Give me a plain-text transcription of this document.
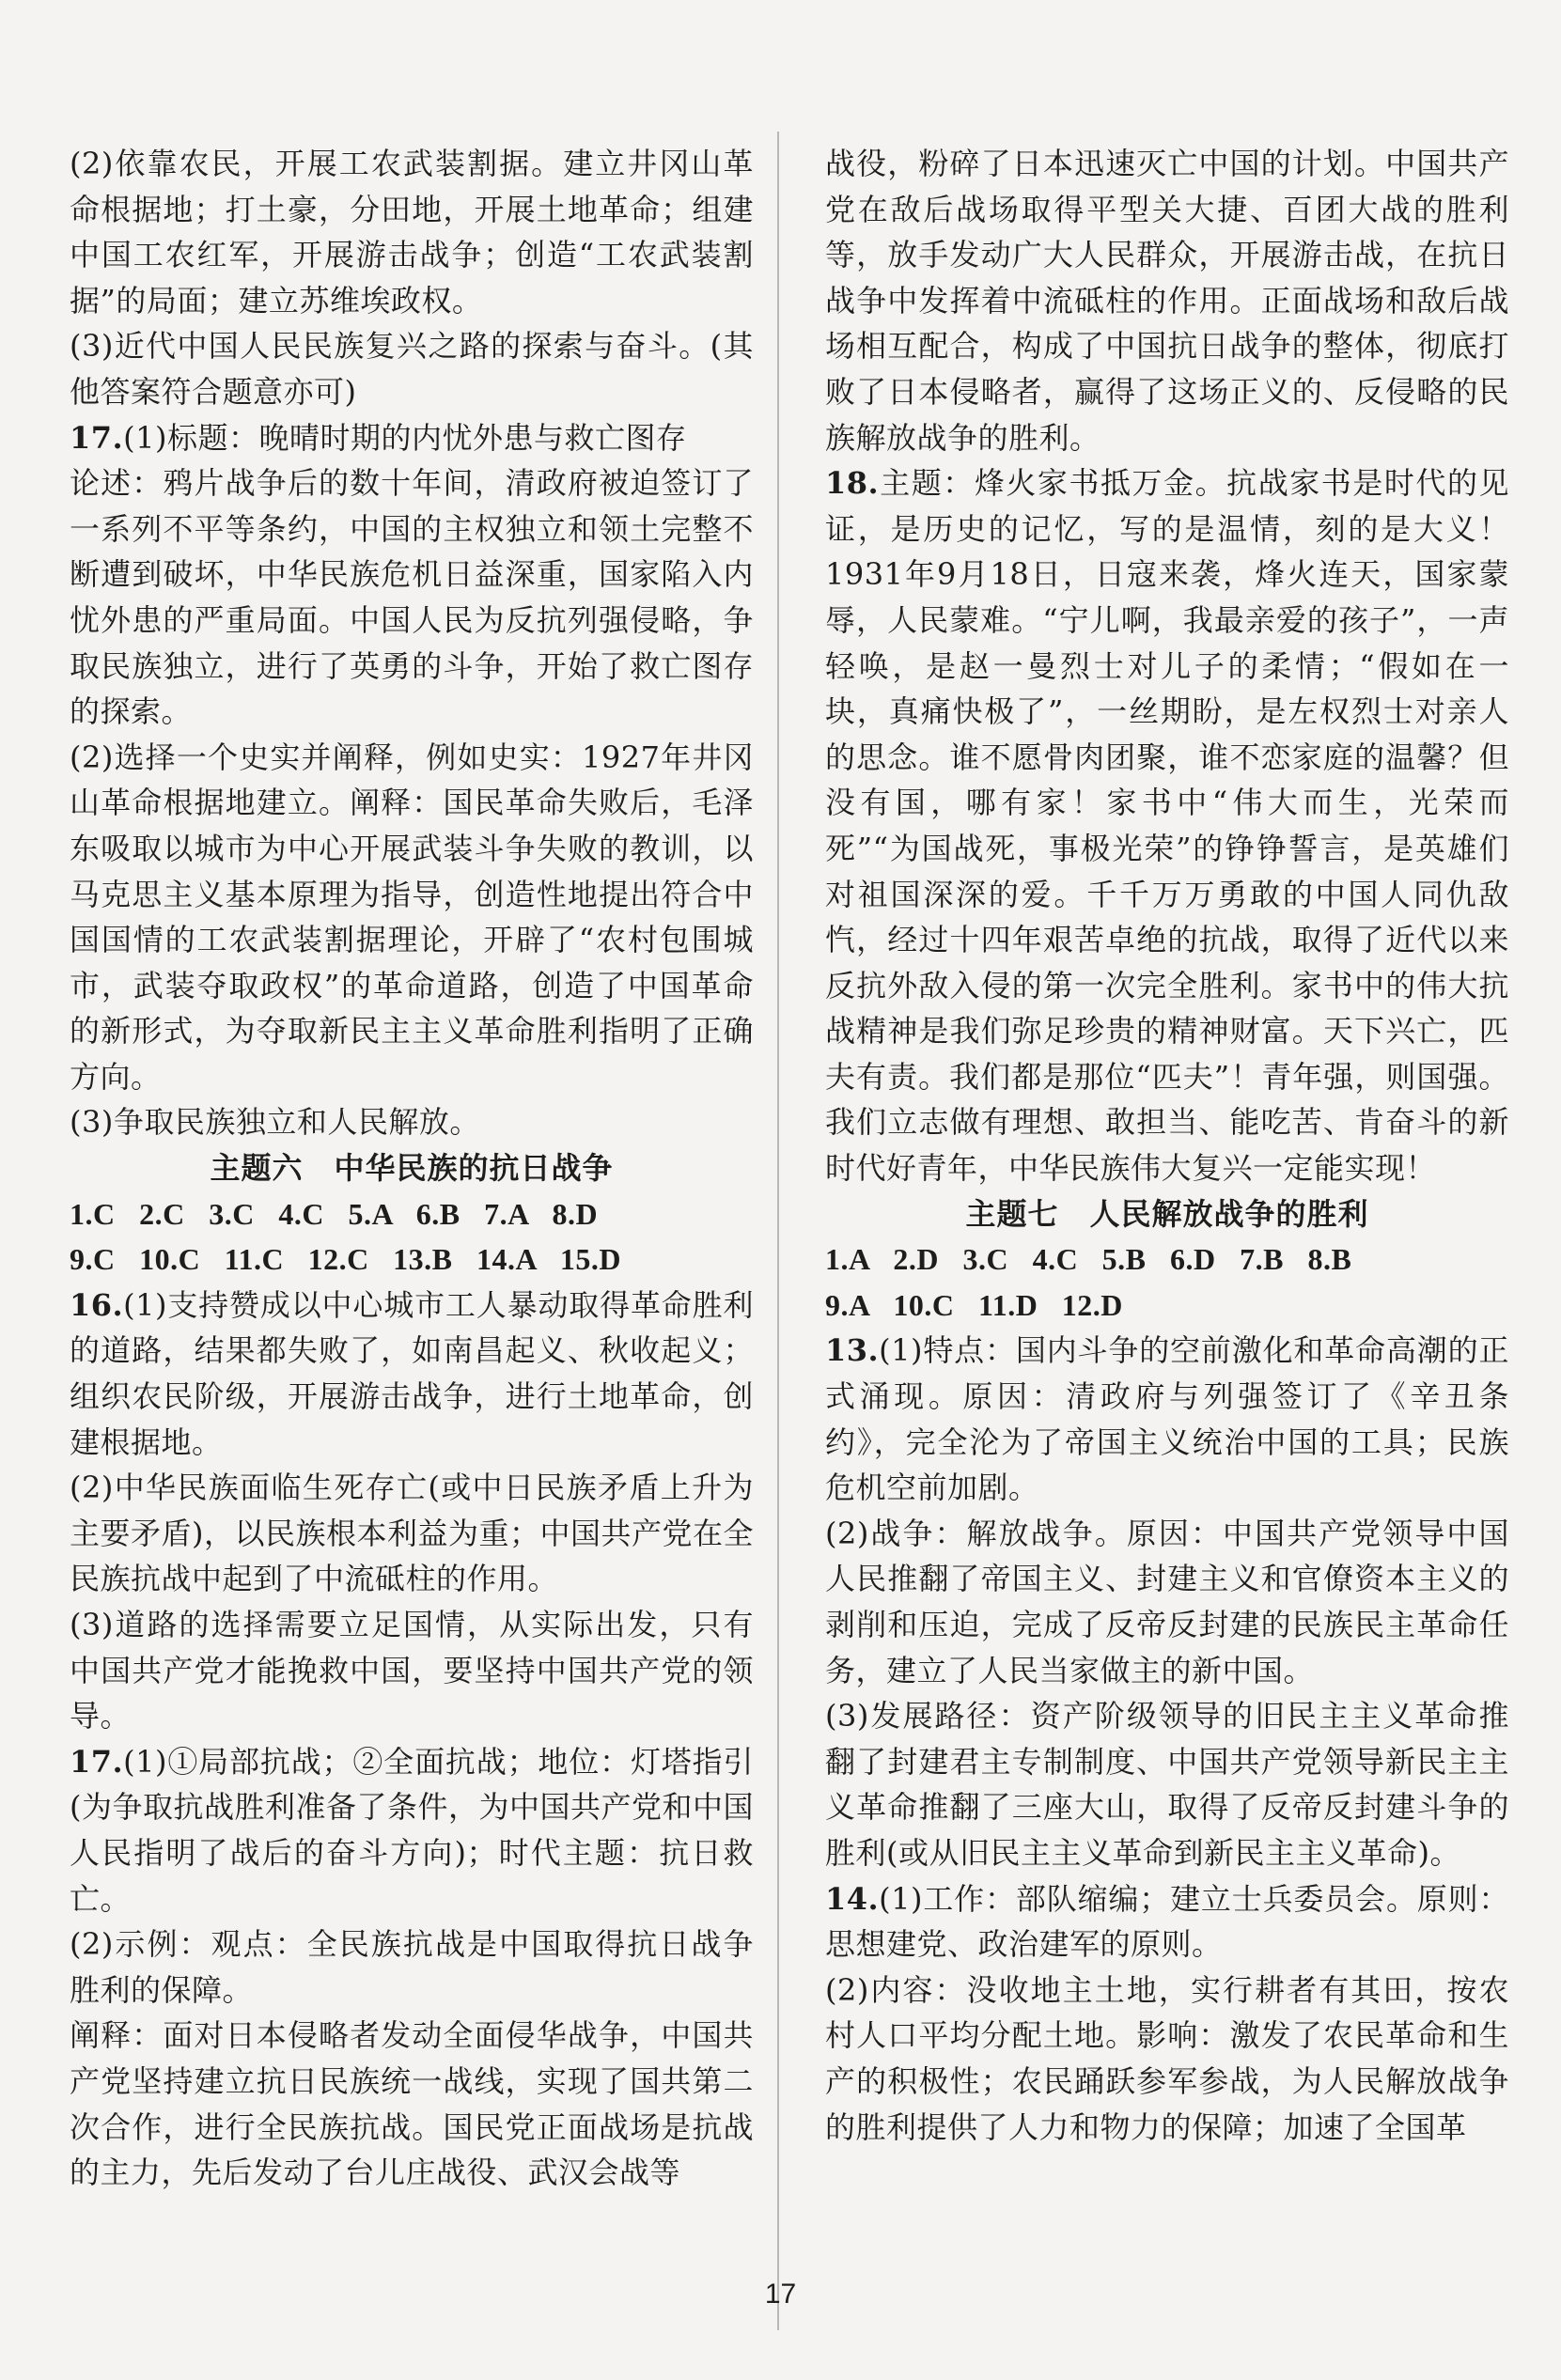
(2)依靠农民，开展工农武装割据。建立井冈山革命根据地；打土豪，分田地，开展土地革命；组建中国工农红军，开展游击战争；创造“工农武装割据”的局面；建立苏维埃政权。

(3)近代中国人民民族复兴之路的探索与奋斗。(其他答案符合题意亦可)

17.(1)标题：晚晴时期的内忧外患与救亡图存

论述：鸦片战争后的数十年间，清政府被迫签订了一系列不平等条约，中国的主权独立和领土完整不断遭到破坏，中华民族危机日益深重，国家陷入内忧外患的严重局面。中国人民为反抗列强侵略，争取民族独立，进行了英勇的斗争，开始了救亡图存的探索。

(2)选择一个史实并阐释，例如史实：1927年井冈山革命根据地建立。阐释：国民革命失败后，毛泽东吸取以城市为中心开展武装斗争失败的教训，以马克思主义基本原理为指导，创造性地提出符合中国国情的工农武装割据理论，开辟了“农村包围城市，武装夺取政权”的革命道路，创造了中国革命的新形式，为夺取新民主主义革命胜利指明了正确方向。

(3)争取民族独立和人民解放。

主题六　中华民族的抗日战争
1.C   2.C   3.C   4.C   5.A   6.B   7.A   8.D
9.C   10.C   11.C   12.C   13.B   14.A   15.D

16.(1)支持赞成以中心城市工人暴动取得革命胜利的道路，结果都失败了，如南昌起义、秋收起义；组织农民阶级，开展游击战争，进行土地革命，创建根据地。

(2)中华民族面临生死存亡(或中日民族矛盾上升为主要矛盾)，以民族根本利益为重；中国共产党在全民族抗战中起到了中流砥柱的作用。

(3)道路的选择需要立足国情，从实际出发，只有中国共产党才能挽救中国，要坚持中国共产党的领导。

17.(1)①局部抗战；②全面抗战；地位：灯塔指引(为争取抗战胜利准备了条件，为中国共产党和中国人民指明了战后的奋斗方向)；时代主题：抗日救亡。

(2)示例：观点：全民族抗战是中国取得抗日战争胜利的保障。

阐释：面对日本侵略者发动全面侵华战争，中国共产党坚持建立抗日民族统一战线，实现了国共第二次合作，进行全民族抗战。国民党正面战场是抗战的主力，先后发动了台儿庄战役、武汉会战等

战役，粉碎了日本迅速灭亡中国的计划。中国共产党在敌后战场取得平型关大捷、百团大战的胜利等，放手发动广大人民群众，开展游击战，在抗日战争中发挥着中流砥柱的作用。正面战场和敌后战场相互配合，构成了中国抗日战争的整体，彻底打败了日本侵略者，赢得了这场正义的、反侵略的民族解放战争的胜利。

18.主题：烽火家书抵万金。抗战家书是时代的见证，是历史的记忆，写的是温情，刻的是大义！1931年9月18日，日寇来袭，烽火连天，国家蒙辱，人民蒙难。“宁儿啊，我最亲爱的孩子”，一声轻唤，是赵一曼烈士对儿子的柔情；“假如在一块，真痛快极了”，一丝期盼，是左权烈士对亲人的思念。谁不愿骨肉团聚，谁不恋家庭的温馨？但没有国，哪有家！家书中“伟大而生，光荣而死”“为国战死，事极光荣”的铮铮誓言，是英雄们对祖国深深的爱。千千万万勇敢的中国人同仇敌忾，经过十四年艰苦卓绝的抗战，取得了近代以来反抗外敌入侵的第一次完全胜利。家书中的伟大抗战精神是我们弥足珍贵的精神财富。天下兴亡，匹夫有责。我们都是那位“匹夫”！青年强，则国强。我们立志做有理想、敢担当、能吃苦、肯奋斗的新时代好青年，中华民族伟大复兴一定能实现！

主题七　人民解放战争的胜利
1.A   2.D   3.C   4.C   5.B   6.D   7.B   8.B
9.A   10.C   11.D   12.D

13.(1)特点：国内斗争的空前激化和革命高潮的正式涌现。原因：清政府与列强签订了《辛丑条约》，完全沦为了帝国主义统治中国的工具；民族危机空前加剧。

(2)战争：解放战争。原因：中国共产党领导中国人民推翻了帝国主义、封建主义和官僚资本主义的剥削和压迫，完成了反帝反封建的民族民主革命任务，建立了人民当家做主的新中国。

(3)发展路径：资产阶级领导的旧民主主义革命推翻了封建君主专制制度、中国共产党领导新民主主义革命推翻了三座大山，取得了反帝反封建斗争的胜利(或从旧民主主义革命到新民主主义革命)。

14.(1)工作：部队缩编；建立士兵委员会。原则：思想建党、政治建军的原则。

(2)内容：没收地主土地，实行耕者有其田，按农村人口平均分配土地。影响：激发了农民革命和生产的积极性；农民踊跃参军参战，为人民解放战争的胜利提供了人力和物力的保障；加速了全国革

17
